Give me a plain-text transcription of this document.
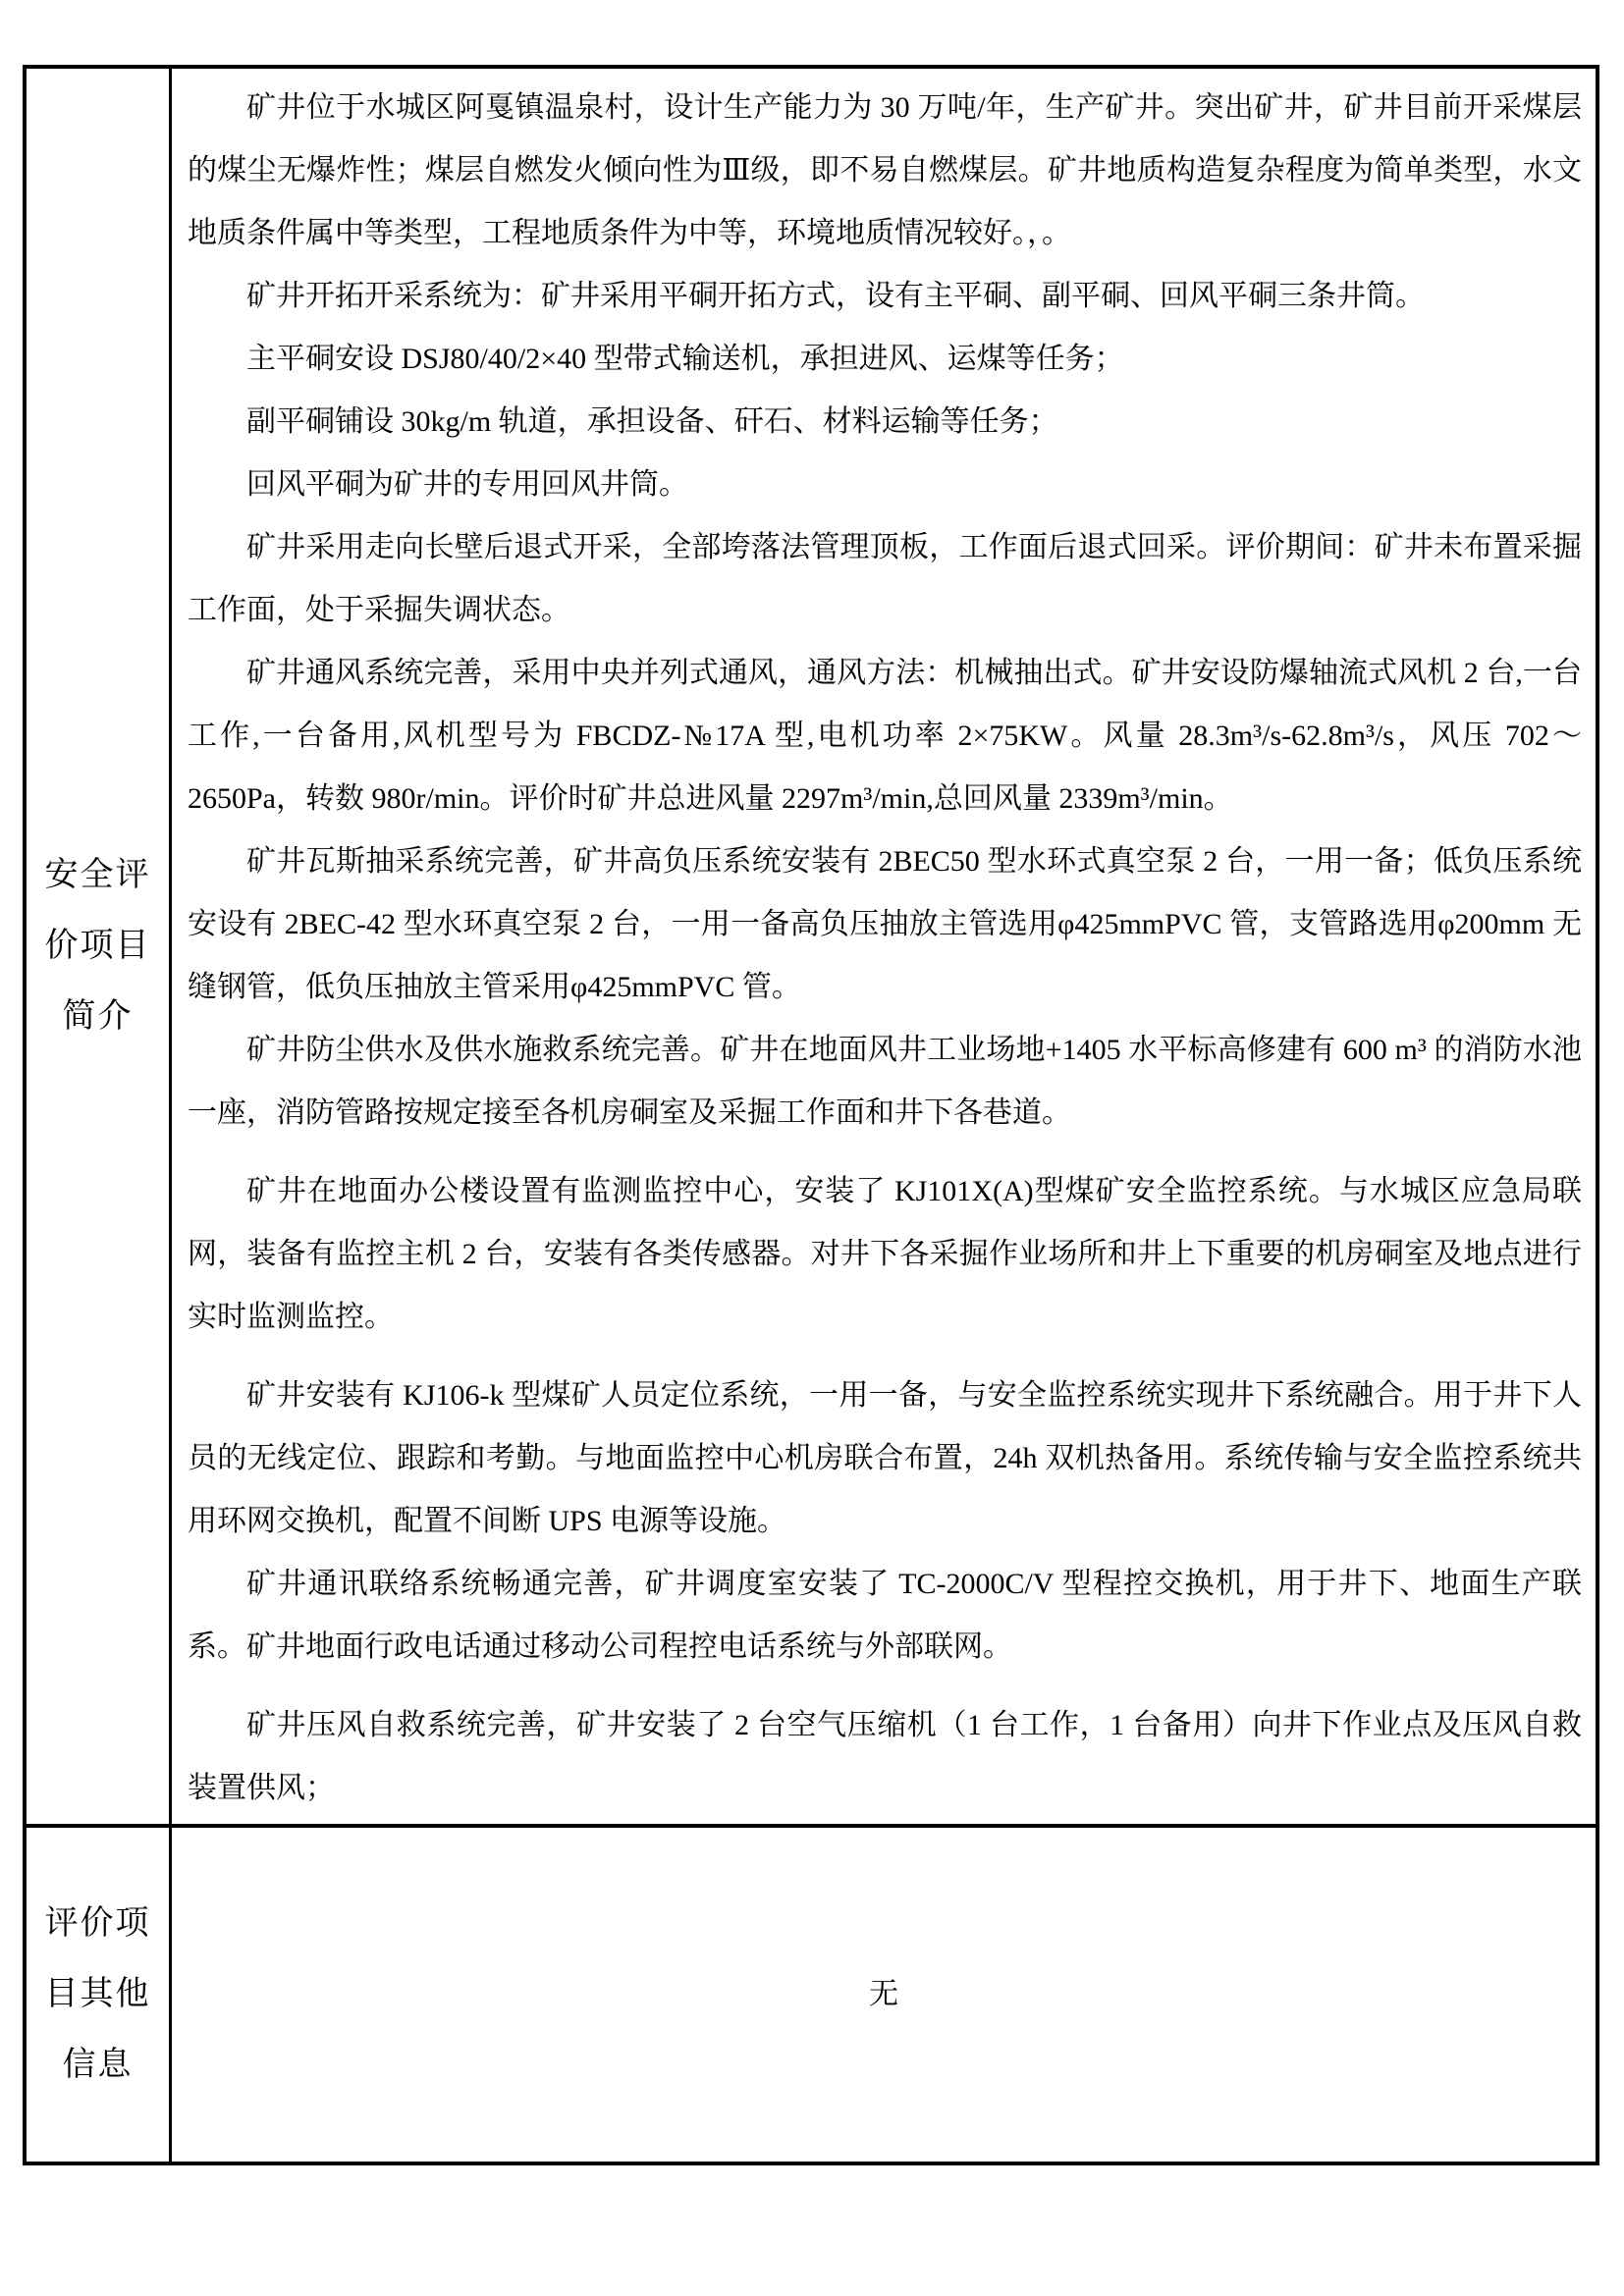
安全评
价项目
简介

矿井位于水城区阿戛镇温泉村，设计生产能力为 30 万吨/年，生产矿井。突出矿井，矿井目前开采煤层的煤尘无爆炸性；煤层自燃发火倾向性为Ⅲ级，即不易自燃煤层。矿井地质构造复杂程度为简单类型，水文地质条件属中等类型，工程地质条件为中等，环境地质情况较好。，。

矿井开拓开采系统为：矿井采用平硐开拓方式，设有主平硐、副平硐、回风平硐三条井筒。

主平硐安设 DSJ80/40/2×40 型带式输送机，承担进风、运煤等任务；

副平硐铺设 30kg/m 轨道，承担设备、矸石、材料运输等任务；

回风平硐为矿井的专用回风井筒。

矿井采用走向长壁后退式开采，全部垮落法管理顶板，工作面后退式回采。评价期间：矿井未布置采掘工作面，处于采掘失调状态。

矿井通风系统完善，采用中央并列式通风，通风方法：机械抽出式。矿井安设防爆轴流式风机 2 台,一台工作,一台备用,风机型号为 FBCDZ-№17A 型,电机功率 2×75KW。风量 28.3m³/s-62.8m³/s，风压 702～2650Pa，转数 980r/min。评价时矿井总进风量 2297m³/min,总回风量 2339m³/min。

矿井瓦斯抽采系统完善，矿井高负压系统安装有 2BEC50 型水环式真空泵 2 台，一用一备；低负压系统安设有 2BEC-42 型水环真空泵 2 台，一用一备高负压抽放主管选用φ425mmPVC 管，支管路选用φ200mm 无缝钢管，低负压抽放主管采用φ425mmPVC 管。

矿井防尘供水及供水施救系统完善。矿井在地面风井工业场地+1405 水平标高修建有 600 m³ 的消防水池一座，消防管路按规定接至各机房硐室及采掘工作面和井下各巷道。

矿井在地面办公楼设置有监测监控中心，安装了 KJ101X(A)型煤矿安全监控系统。与水城区应急局联网，装备有监控主机 2 台，安装有各类传感器。对井下各采掘作业场所和井上下重要的机房硐室及地点进行实时监测监控。

矿井安装有 KJ106-k 型煤矿人员定位系统，一用一备，与安全监控系统实现井下系统融合。用于井下人员的无线定位、跟踪和考勤。与地面监控中心机房联合布置，24h 双机热备用。系统传输与安全监控系统共用环网交换机，配置不间断 UPS 电源等设施。

矿井通讯联络系统畅通完善，矿井调度室安装了 TC-2000C/V 型程控交换机，用于井下、地面生产联系。矿井地面行政电话通过移动公司程控电话系统与外部联网。

矿井压风自救系统完善，矿井安装了 2 台空气压缩机（1 台工作，1 台备用）向井下作业点及压风自救装置供风；

评价项
目其他
信息
无
